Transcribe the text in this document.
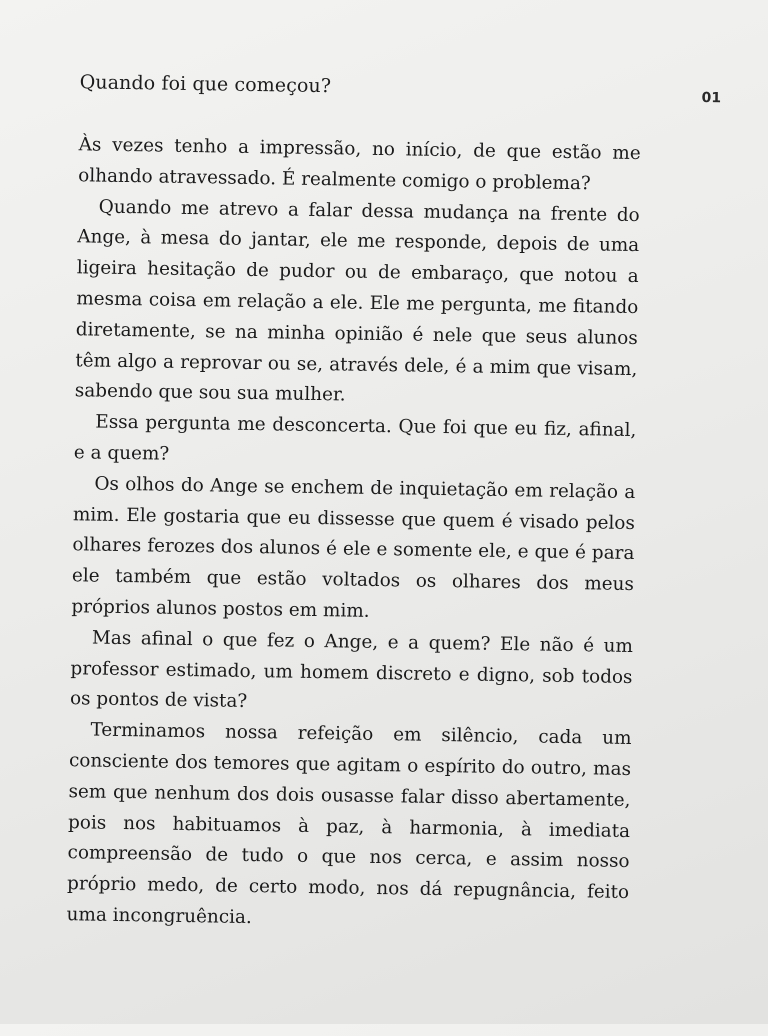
Quando foi que começou?
01

Às vezes tenho a impressão, no início, de que estão me olhando atravessado. É realmente comigo o problema?

Quando me atrevo a falar dessa mudança na frente do Ange, à mesa do jantar, ele me responde, depois de uma ligeira hesitação de pudor ou de embaraço, que notou a mesma coisa em relação a ele. Ele me pergunta, me fitando diretamente, se na minha opinião é nele que seus alunos têm algo a reprovar ou se, através dele, é a mim que visam, sabendo que sou sua mulher.

Essa pergunta me desconcerta. Que foi que eu fiz, afinal, e a quem?

Os olhos do Ange se enchem de inquietação em relação a mim. Ele gostaria que eu dissesse que quem é visado pelos olhares ferozes dos alunos é ele e somente ele, e que é para ele também que estão voltados os olhares dos meus próprios alunos postos em mim.

Mas afinal o que fez o Ange, e a quem? Ele não é um professor estimado, um homem discreto e digno, sob todos os pontos de vista?

Terminamos nossa refeição em silêncio, cada um consciente dos temores que agitam o espírito do outro, mas sem que nenhum dos dois ousasse falar disso abertamente, pois nos habituamos à paz, à harmonia, à imediata compreensão de tudo o que nos cerca, e assim nosso próprio medo, de certo modo, nos dá repugnância, feito uma incongruência.
